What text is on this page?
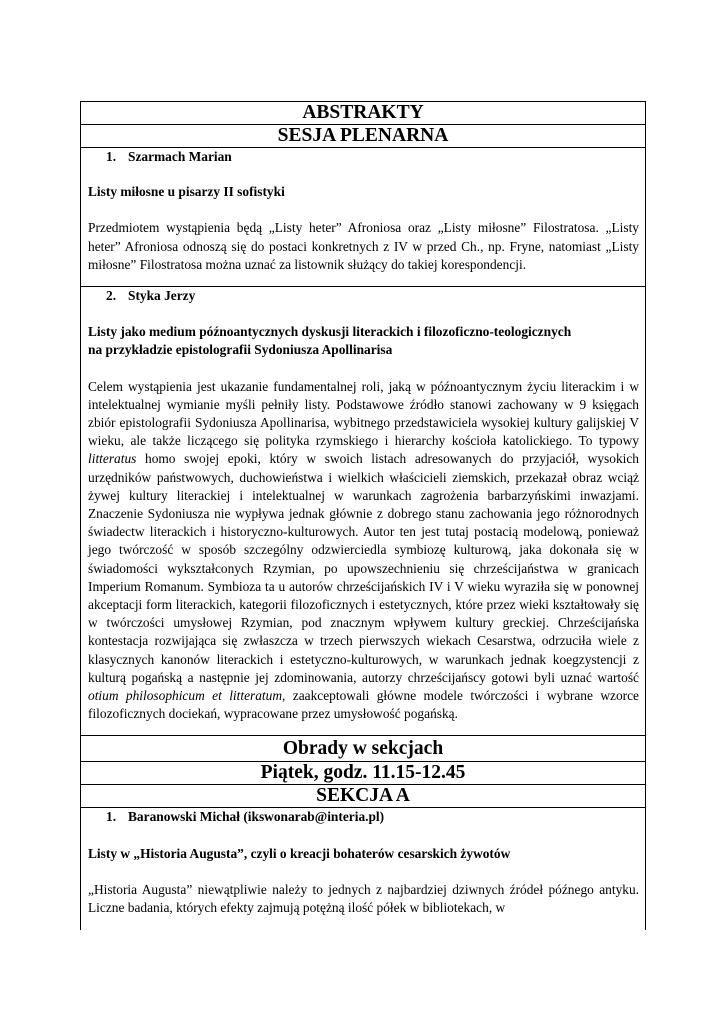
ABSTRAKTY
SESJA PLENARNA

1. Szarmach Marian

Listy miłosne u pisarzy II sofistyki

Przedmiotem wystąpienia będą „Listy heter” Afroniosa oraz „Listy miłosne” Filostratosa. „Listy heter” Afroniosa odnoszą się do postaci konkretnych z IV w przed Ch., np. Fryne, natomiast „Listy miłosne” Filostratosa można uznać za listownik służący do takiej korespondencji.

2. Styka Jerzy

Listy jako medium późnoantycznych dyskusji literackich i filozoficzno-teologicznych
na przykładzie epistolografii Sydoniusza Apollinarisa

Celem wystąpienia jest ukazanie fundamentalnej roli, jaką w późnoantycznym życiu literackim i w intelektualnej wymianie myśli pełniły listy. Podstawowe źródło stanowi zachowany w 9 księgach zbiór epistolografii Sydoniusza Apollinarisa, wybitnego przedstawiciela wysokiej kultury galijskiej V wieku, ale także liczącego się polityka rzymskiego i hierarchy kościoła katolickiego. To typowy litteratus homo swojej epoki, który w swoich listach adresowanych do przyjaciół, wysokich urzędników państwowych, duchowieństwa i wielkich właścicieli ziemskich, przekazał obraz wciąż żywej kultury literackiej i intelektualnej w warunkach zagrożenia barbarzyńskimi inwazjami. Znaczenie Sydoniusza nie wypływa jednak głównie z dobrego stanu zachowania jego różnorodnych świadectw literackich i historyczno-kulturowych. Autor ten jest tutaj postacią modelową, ponieważ jego twórczość w sposób szczególny odzwierciedla symbiozę kulturową, jaka dokonała się w świadomości wykształconych Rzymian, po upowszechnieniu się chrześcijaństwa w granicach Imperium Romanum. Symbioza ta u autorów chrześcijańskich IV i V wieku wyraziła się w ponownej akceptacji form literackich, kategorii filozoficznych i estetycznych, które przez wieki kształtowały się w twórczości umysłowej Rzymian, pod znacznym wpływem kultury greckiej. Chrześcijańska kontestacja rozwijająca się zwłaszcza w trzech pierwszych wiekach Cesarstwa, odrzuciła wiele z klasycznych kanonów literackich i estetyczno-kulturowych, w warunkach jednak koegzystencji z kulturą pogańską a następnie jej zdominowania, autorzy chrześcijańscy gotowi byli uznać wartość otium philosophicum et litteratum, zaakceptowali główne modele twórczości i wybrane wzorce filozoficznych dociekań, wypracowane przez umysłowość pogańską.

Obrady w sekcjach
Piątek, godz. 11.15-12.45
SEKCJA A

1. Baranowski Michał (ikswonarab@interia.pl)

Listy w „Historia Augusta”, czyli o kreacji bohaterów cesarskich żywotów

„Historia Augusta” niewątpliwie należy to jednych z najbardziej dziwnych źródeł późnego antyku. Liczne badania, których efekty zajmują potężną ilość półek w bibliotekach, w
